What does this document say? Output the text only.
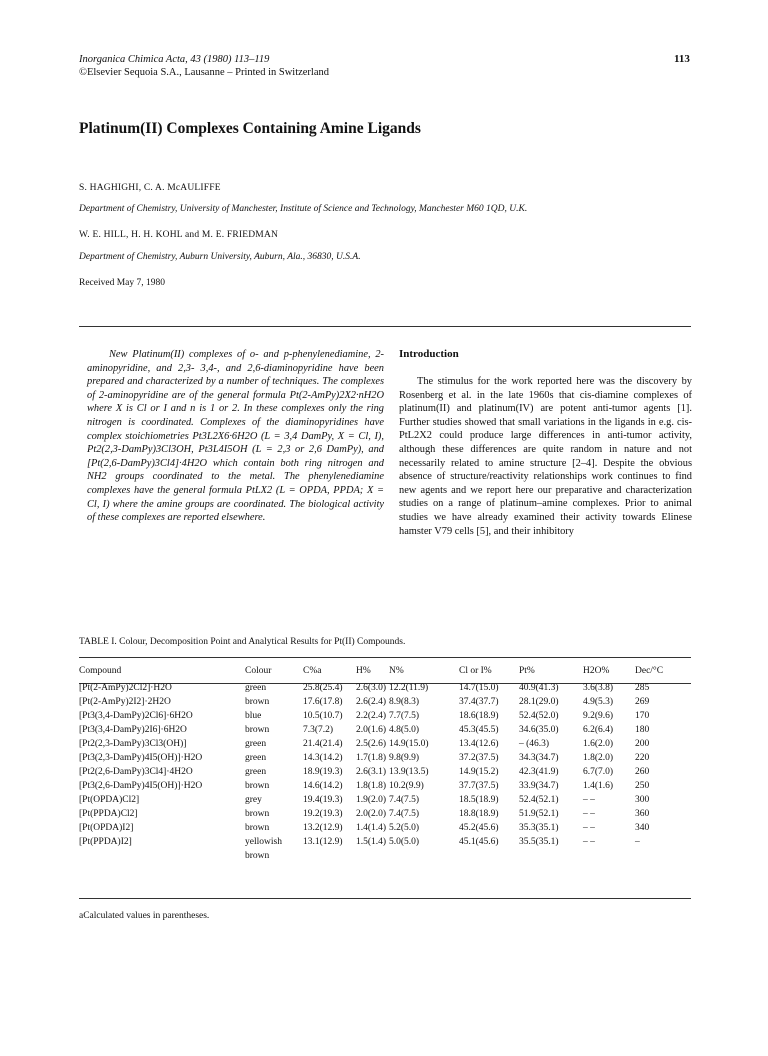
Inorganica Chimica Acta, 43 (1980) 113–119
©Elsevier Sequoia S.A., Lausanne – Printed in Switzerland
113
Platinum(II) Complexes Containing Amine Ligands
S. HAGHIGHI, C. A. McAULIFFE
Department of Chemistry, University of Manchester, Institute of Science and Technology, Manchester M60 1QD, U.K.
W. E. HILL, H. H. KOHL and M. E. FRIEDMAN
Department of Chemistry, Auburn University, Auburn, Ala., 36830, U.S.A.
Received May 7, 1980
New Platinum(II) complexes of o- and p-phenylenediamine, 2-aminopyridine, and 2,3- 3,4-, and 2,6-diaminopyridine have been prepared and characterized by a number of techniques. The complexes of 2-aminopyridine are of the general formula Pt(2-AmPy)2X2·nH2O where X is Cl or I and n is 1 or 2. In these complexes only the ring nitrogen is coordinated. Complexes of the diaminopyridines have complex stoichiometries Pt3L2X6·6H2O (L = 3,4 DamPy, X = Cl, I), Pt2(2,3-DamPy)3Cl3OH, Pt3L4I5OH (L = 2,3 or 2,6 DamPy), and [Pt(2,6-DamPy)3Cl4]·4H2O which contain both ring nitrogen and NH2 groups coordinated to the metal. The phenylenediamine complexes have the general formula PtLX2 (L = OPDA, PPDA; X = Cl, I) where the amine groups are coordinated. The biological activity of these complexes are reported elsewhere.
Introduction
The stimulus for the work reported here was the discovery by Rosenberg et al. in the late 1960s that cis-diamine complexes of platinum(II) and platinum(IV) are potent anti-tumor agents [1]. Further studies showed that small variations in the ligands in e.g. cis-PtL2X2 could produce large differences in anti-tumor activity, although these differences are quite random in nature and not necessarily related to amine structure [2–4]. Despite the obvious absence of structure/reactivity relationships work continues to find new agents and we report here our preparative and characterization studies on a range of platinum–amine complexes. Prior to animal studies we have already examined their activity towards Elinese hamster V79 cells [5], and their inhibitory
TABLE I. Colour, Decomposition Point and Analytical Results for Pt(II) Compounds.
Compound	Colour	C%a	H%	N%	Cl or I%	Pt%	H2O%	Dec/°C
[Pt(2-AmPy)2Cl2]·H2O	green	25.8(25.4)	2.6(3.0)	12.2(11.9)	14.7(15.0)	40.9(41.3)	3.6(3.8)	285
[Pt(2-AmPy)2I2]·2H2O	brown	17.6(17.8)	2.6(2.4)	8.9(8.3)	37.4(37.7)	28.1(29.0)	4.9(5.3)	269
[Pt3(3,4-DamPy)2Cl6]·6H2O	blue	10.5(10.7)	2.2(2.4)	7.7(7.5)	18.6(18.9)	52.4(52.0)	9.2(9.6)	170
[Pt3(3,4-DamPy)2I6]·6H2O	brown	7.3(7.2)	2.0(1.6)	4.8(5.0)	45.3(45.5)	34.6(35.0)	6.2(6.4)	180
[Pt2(2,3-DamPy)3Cl3(OH)]	green	21.4(21.4)	2.5(2.6)	14.9(15.0)	13.4(12.6)	– (46.3)	1.6(2.0)	200
[Pt3(2,3-DamPy)4I5(OH)]·H2O	green	14.3(14.2)	1.7(1.8)	9.8(9.9)	37.2(37.5)	34.3(34.7)	1.8(2.0)	220
[Pt2(2,6-DamPy)3Cl4]·4H2O	green	18.9(19.3)	2.6(3.1)	13.9(13.5)	14.9(15.2)	42.3(41.9)	6.7(7.0)	260
[Pt3(2,6-DamPy)4I5(OH)]·H2O	brown	14.6(14.2)	1.8(1.8)	10.2(9.9)	37.7(37.5)	33.9(34.7)	1.4(1.6)	250
[Pt(OPDA)Cl2]	grey	19.4(19.3)	1.9(2.0)	7.4(7.5)	18.5(18.9)	52.4(52.1)	– –	300
[Pt(PPDA)Cl2]	brown	19.2(19.3)	2.0(2.0)	7.4(7.5)	18.8(18.9)	51.9(52.1)	– –	360
[Pt(OPDA)I2]	brown	13.2(12.9)	1.4(1.4)	5.2(5.0)	45.2(45.6)	35.3(35.1)	– –	340
[Pt(PPDA)I2]	yellowish	13.1(12.9)	1.5(1.4)	5.0(5.0)	45.1(45.6)	35.5(35.1)	– –	–
	brown							
aCalculated values in parentheses.
